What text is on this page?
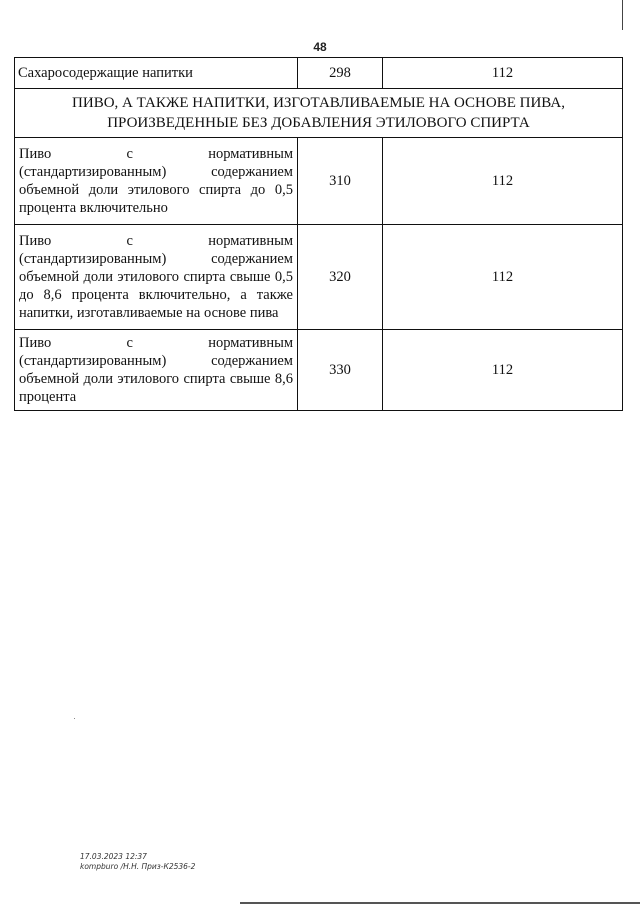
48
Сахаросодержащие напитки	298	112

ПИВО, А ТАКЖЕ НАПИТКИ, ИЗГОТАВЛИВАЕМЫЕ НА ОСНОВЕ ПИВА,
ПРОИЗВЕДЕННЫЕ БЕЗ ДОБАВЛЕНИЯ ЭТИЛОВОГО СПИРТА		

Пиво с нормативным (стандартизированным) содержанием объемной доли этилового спирта до 0,5 процента включительно	310	112
Пиво с нормативным (стандартизированным) содержанием объемной доли этилового спирта свыше 0,5 до 8,6 процента включительно, а также напитки, изготавливаемые на основе пива	320	112
Пиво с нормативным (стандартизированным) содержанием объемной доли этилового спирта свыше 8,6 процента	330	112
17.03.2023 12:37
kompburo /Н.Н. Приз-К2536-2
